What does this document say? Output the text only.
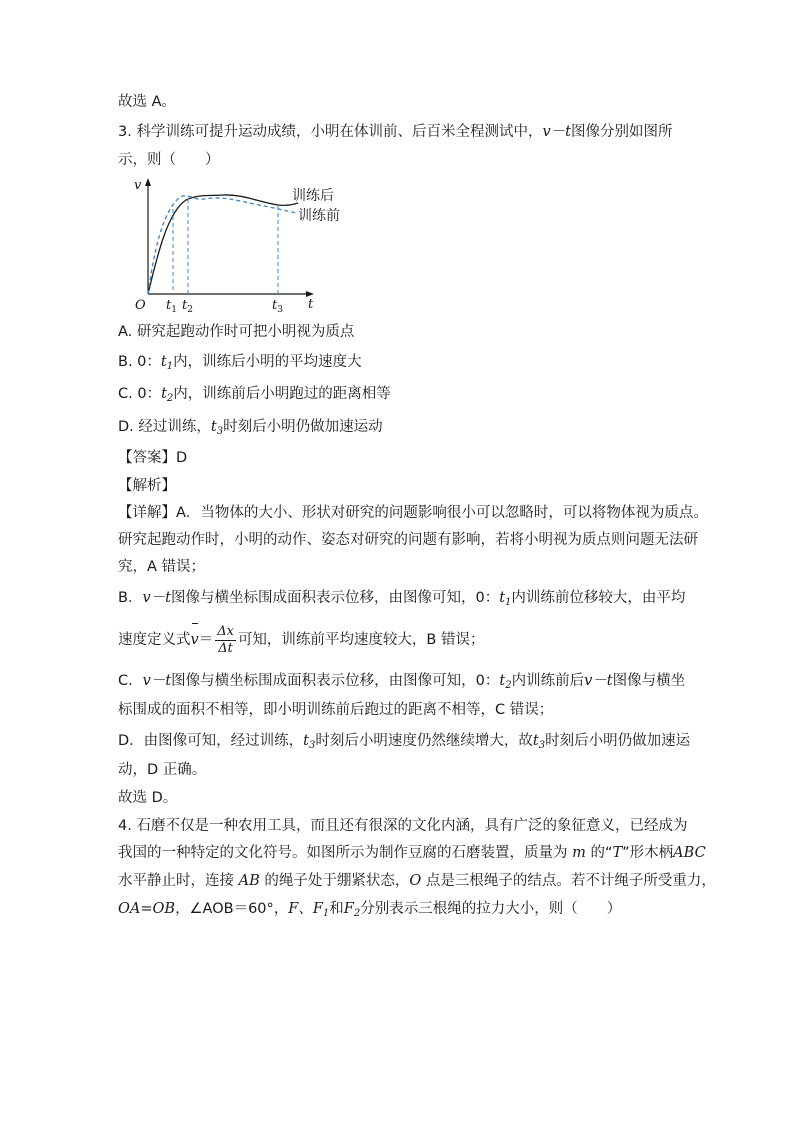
故选 A。
3. 科学训练可提升运动成绩，小明在体训前、后百米全程测试中，v－t图像分别如图所
示，则（　　）
v
O	t
$t_1$ $t_2$	$t_3$
训练后
训练前
A. 研究起跑动作时可把小明视为质点
B. 0：$t_1$内，训练后小明的平均速度大
C. 0：$t_2$内，训练前后小明跑过的距离相等
D. 经过训练，$t_3$时刻后小明仍做加速运动
【答案】D
【解析】
【详解】A．当物体的大小、形状对研究的问题影响很小可以忽略时，可以将物体视为质点。
研究起跑动作时，小明的动作、姿态对研究的问题有影响，若将小明视为质点则问题无法研
究，A 错误；
B．v－t图像与横坐标围成面积表示位移，由图像可知，0：$t_1$内训练前位移较大，由平均
速度定义式$v= \frac{\Delta x}{\Delta t}$ 可知，训练前平均速度较大，B 错误；
C．v－t图像与横坐标围成面积表示位移，由图像可知，0：$t_2$内训练前后v－t图像与横坐
标围成的面积不相等，即小明训练前后跑过的距离不相等，C 错误；
D．由图像可知，经过训练，$t_3$时刻后小明速度仍然继续增大，故$t_3$时刻后小明仍做加速运
动，D 正确。
故选 D。
4. 石磨不仅是一种农用工具，而且还有很深的文化内涵，具有广泛的象征意义，已经成为
我国的一种特定的文化符号。如图所示为制作豆腐的石磨装置，质量为 m 的“T”形木柄ABC
水平静止时，连接 AB 的绳子处于绷紧状态，O 点是三根绳子的结点。若不计绳子所受重力，
OA=OB，∠AOB＝60°，F、$F_1$和$F_2$分别表示三根绳的拉力大小，则（　　）
